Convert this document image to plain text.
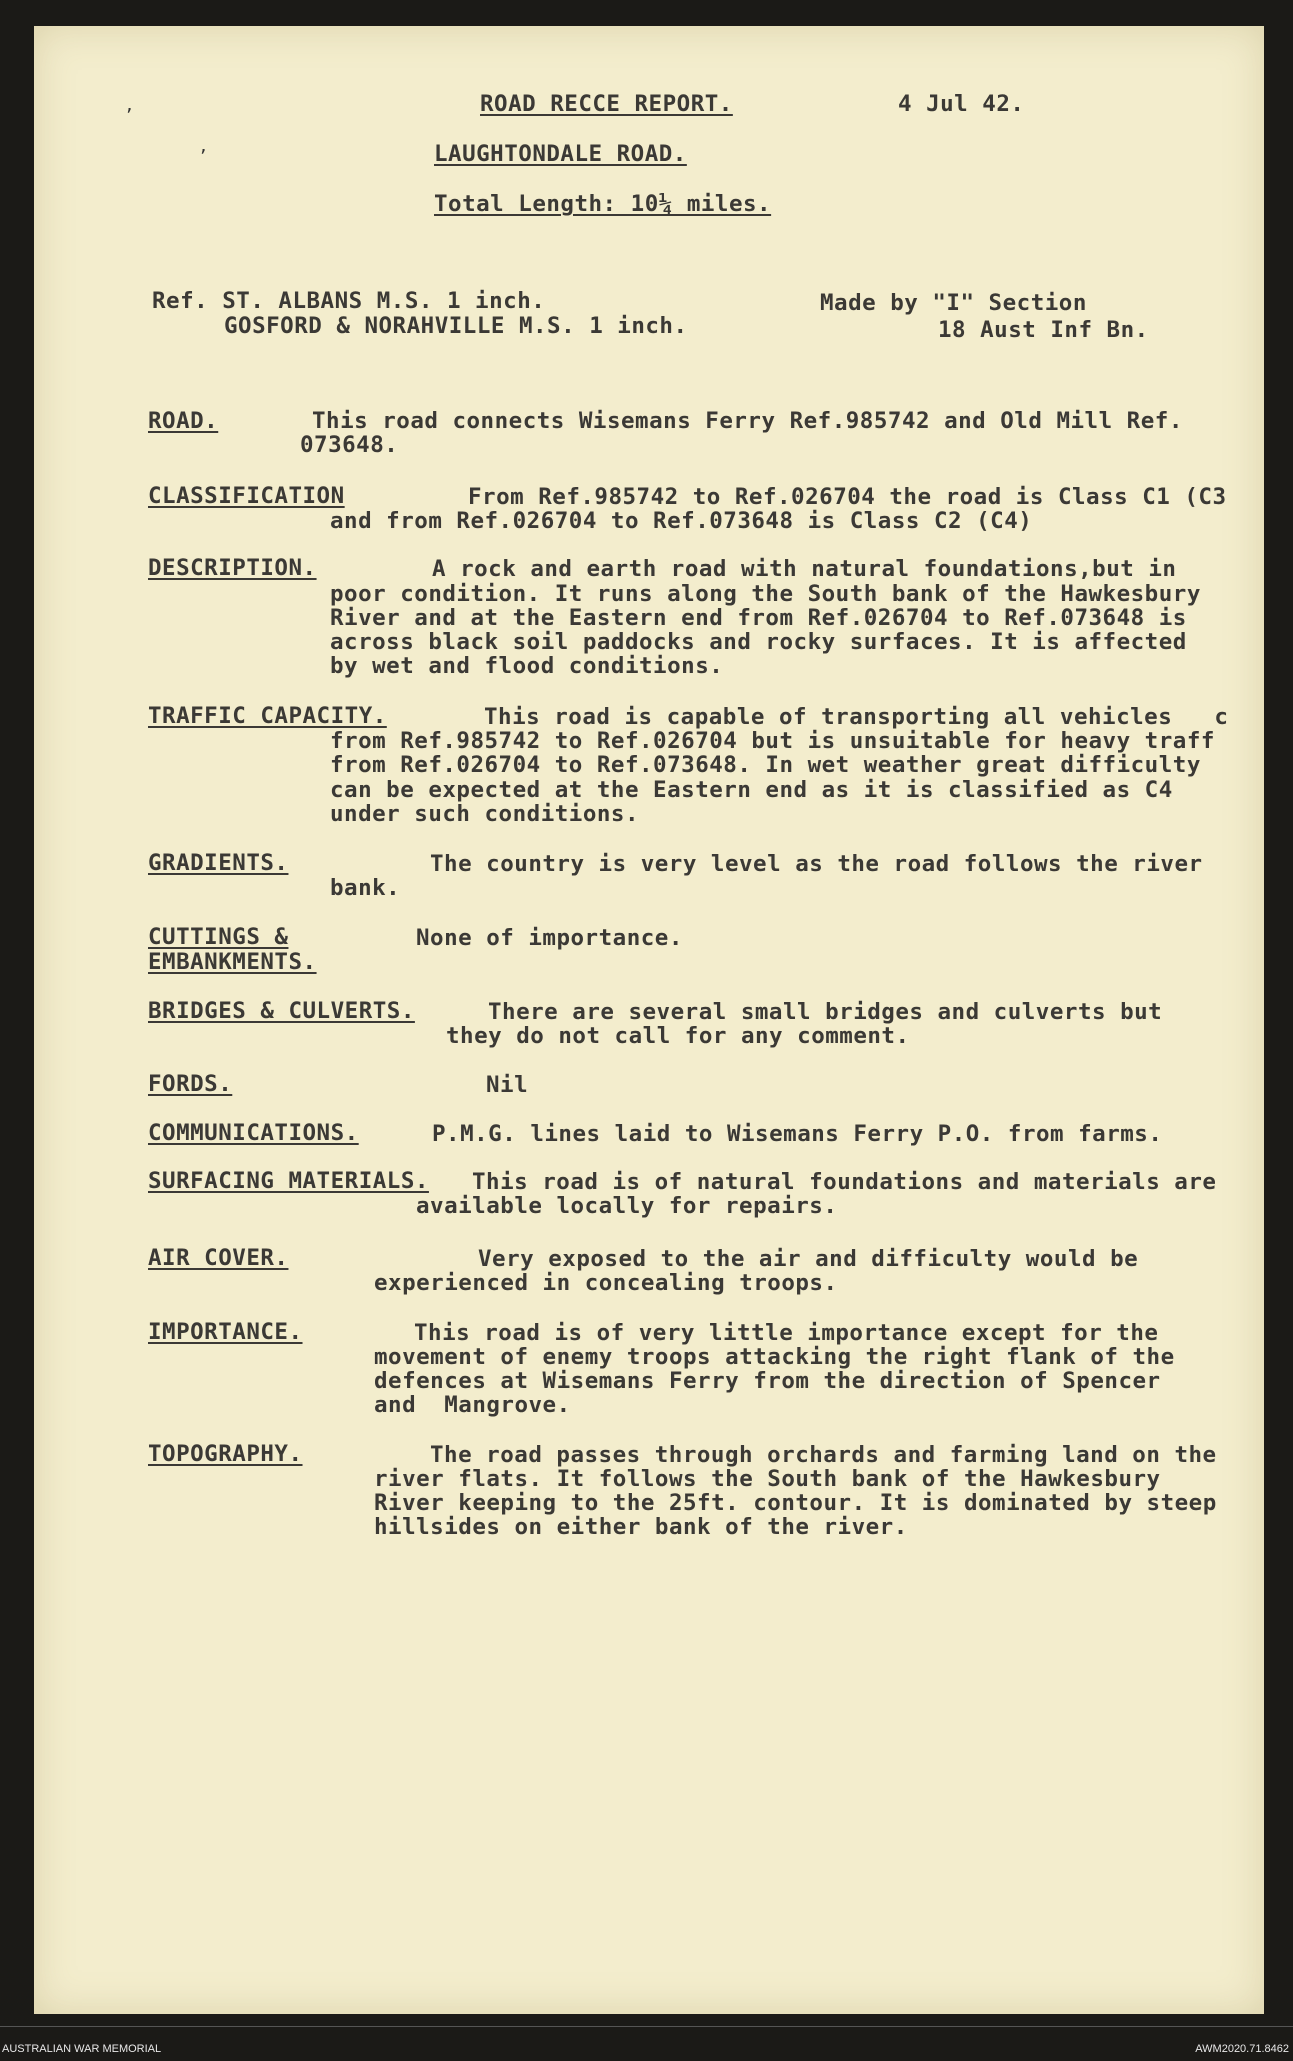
’
’
ROAD RECCE REPORT.	4 Jul 42.
LAUGHTONDALE ROAD.
Total Length: 10¼ miles.
Ref. ST. ALBANS M.S. 1 inch.
GOSFORD & NORAHVILLE M.S. 1 inch.
Made by "I" Section
18 Aust Inf Bn.
ROAD.	This road connects Wisemans Ferry Ref.985742 and Old Mill Ref.
073648.
CLASSIFICATION	From Ref.985742 to Ref.026704 the road is Class C1 (C3
and from Ref.026704 to Ref.073648 is Class C2 (C4)
DESCRIPTION.	A rock and earth road with natural foundations,but in
poor condition. It runs along the South bank of the Hawkesbury
River and at the Eastern end from Ref.026704 to Ref.073648 is
across black soil paddocks and rocky surfaces. It is affected
by wet and flood conditions.
TRAFFIC CAPACITY.	This road is capable of transporting all vehicles   c
from Ref.985742 to Ref.026704 but is unsuitable for heavy traff
from Ref.026704 to Ref.073648. In wet weather great difficulty
can be expected at the Eastern end as it is classified as C4
under such conditions.
GRADIENTS.	The country is very level as the road follows the river
bank.
CUTTINGS &
EMBANKMENTS.
None of importance.
BRIDGES & CULVERTS.	There are several small bridges and culverts but
they do not call for any comment.
FORDS.	Nil
COMMUNICATIONS.	P.M.G. lines laid to Wisemans Ferry P.O. from farms.
SURFACING MATERIALS. This road is of natural foundations and materials are
available locally for repairs.
AIR COVER.	Very exposed to the air and difficulty would be
experienced in concealing troops.
IMPORTANCE.	This road is of very little importance except for the
movement of enemy troops attacking the right flank of the
defences at Wisemans Ferry from the direction of Spencer
and  Mangrove.
TOPOGRAPHY.	The road passes through orchards and farming land on the
river flats. It follows the South bank of the Hawkesbury
River keeping to the 25ft. contour. It is dominated by steep
hillsides on either bank of the river.
AUSTRALIAN WAR MEMORIAL	AWM2020.71.8462
